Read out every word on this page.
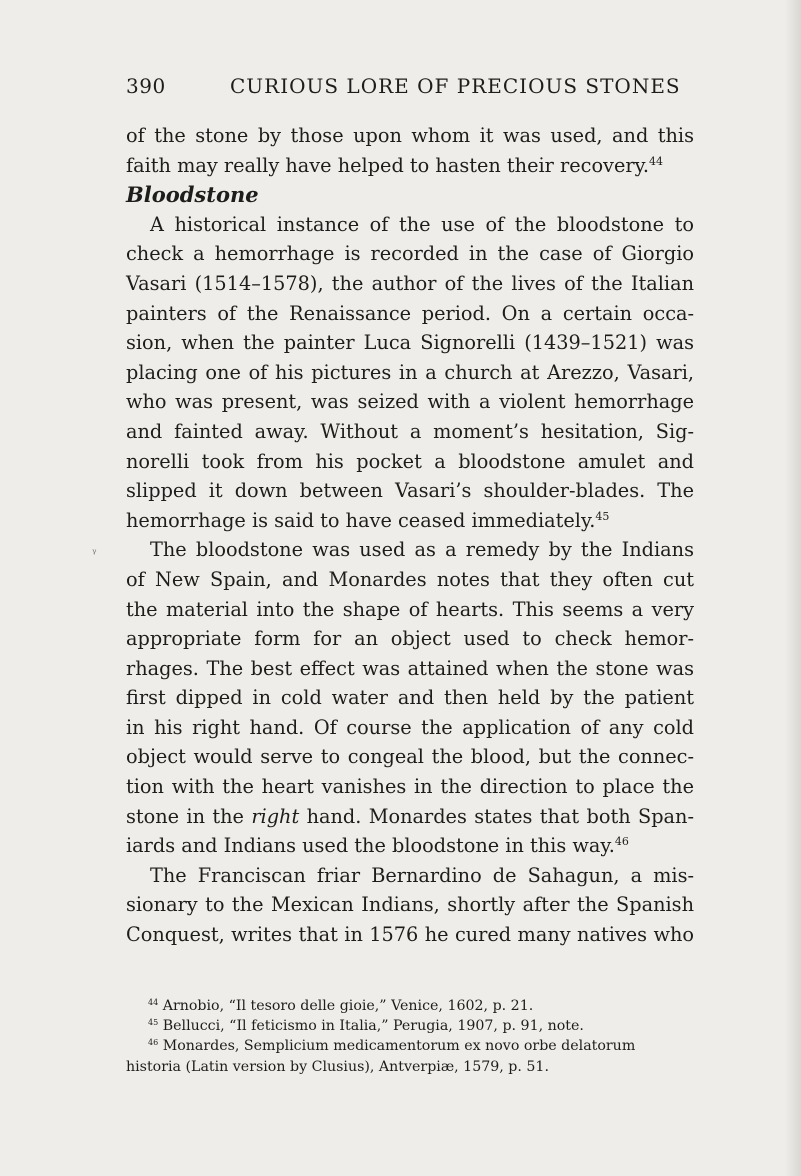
390	CURIOUS LORE OF PRECIOUS STONES
ᵞ
of the stone by those upon whom it was used, and this
faith may really have helped to hasten their recovery.$^{44}$
Bloodstone
A historical instance of the use of the bloodstone to
check a hemorrhage is recorded in the case of Giorgio
Vasari (1514–1578), the author of the lives of the Italian
painters of the Renaissance period. On a certain occa-
sion, when the painter Luca Signorelli (1439–1521) was
placing one of his pictures in a church at Arezzo, Vasari,
who was present, was seized with a violent hemorrhage
and fainted away. Without a moment’s hesitation, Sig-
norelli took from his pocket a bloodstone amulet and
slipped it down between Vasari’s shoulder-blades. The
hemorrhage is said to have ceased immediately.$^{45}$
The bloodstone was used as a remedy by the Indians
of New Spain, and Monardes notes that they often cut
the material into the shape of hearts. This seems a very
appropriate form for an object used to check hemor-
rhages. The best effect was attained when the stone was
first dipped in cold water and then held by the patient
in his right hand. Of course the application of any cold
object would serve to congeal the blood, but the connec-
tion with the heart vanishes in the direction to place the
stone in the right hand. Monardes states that both Span-
iards and Indians used the bloodstone in this way.$^{46}$
The Franciscan friar Bernardino de Sahagun, a mis-
sionary to the Mexican Indians, shortly after the Spanish
Conquest, writes that in 1576 he cured many natives who
$^{44}$ Arnobio, “Il tesoro delle gioie,” Venice, 1602, p. 21.
$^{45}$ Bellucci, “Il feticismo in Italia,” Perugia, 1907, p. 91, note.
$^{46}$ Monardes, Semplicium medicamentorum ex novo orbe delatorum
historia (Latin version by Clusius), Antverpiæ, 1579, p. 51.
